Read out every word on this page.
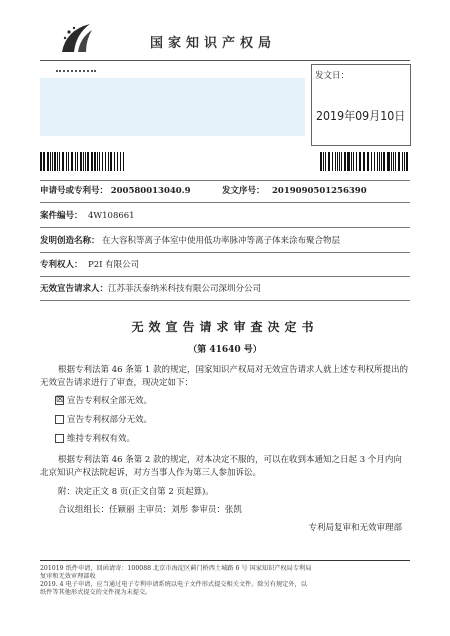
国家知识产权局
发文日：
2019年09月10日
申请号或专利号： 200580013040.9	发文序号： 2019090501256390
案件编号： 4W108661
发明创造名称： 在大容积等离子体室中使用低功率脉冲等离子体来涂布聚合物层
专利权人： P2I 有限公司
无效宣告请求人： 江苏菲沃泰纳米科技有限公司深圳分公司
无效宣告请求审查决定书
（第 41640 号）
根据专利法第 46 条第 1 款的规定，国家知识产权局对无效宣告请求人就上述专利权所提出的无效宣告请求进行了审查，现决定如下：
☒ 宣告专利权全部无效。
宣告专利权部分无效。
维持专利权有效。
根据专利法第 46 条第 2 款的规定，对本决定不服的，可以在收到本通知之日起 3 个月内向北京知识产权法院起诉，对方当事人作为第三人参加诉讼。
附：决定正文 8 页(正文自第 2 页起算)。
合议组组长：任颖丽 主审员：刘彤 参审员：张凯
专利局复审和无效审理部
201019 纸件申请，回函请寄：100088 北京市海淀区蓟门桥西土城路 6 号 国家知识产权局专利局
复审和无效审理部收
2019. 4 电子申请，应当通过电子专利申请系统以电子文件形式提交相关文件。除另有规定外，以
纸件等其他形式提交的文件视为未提交。
